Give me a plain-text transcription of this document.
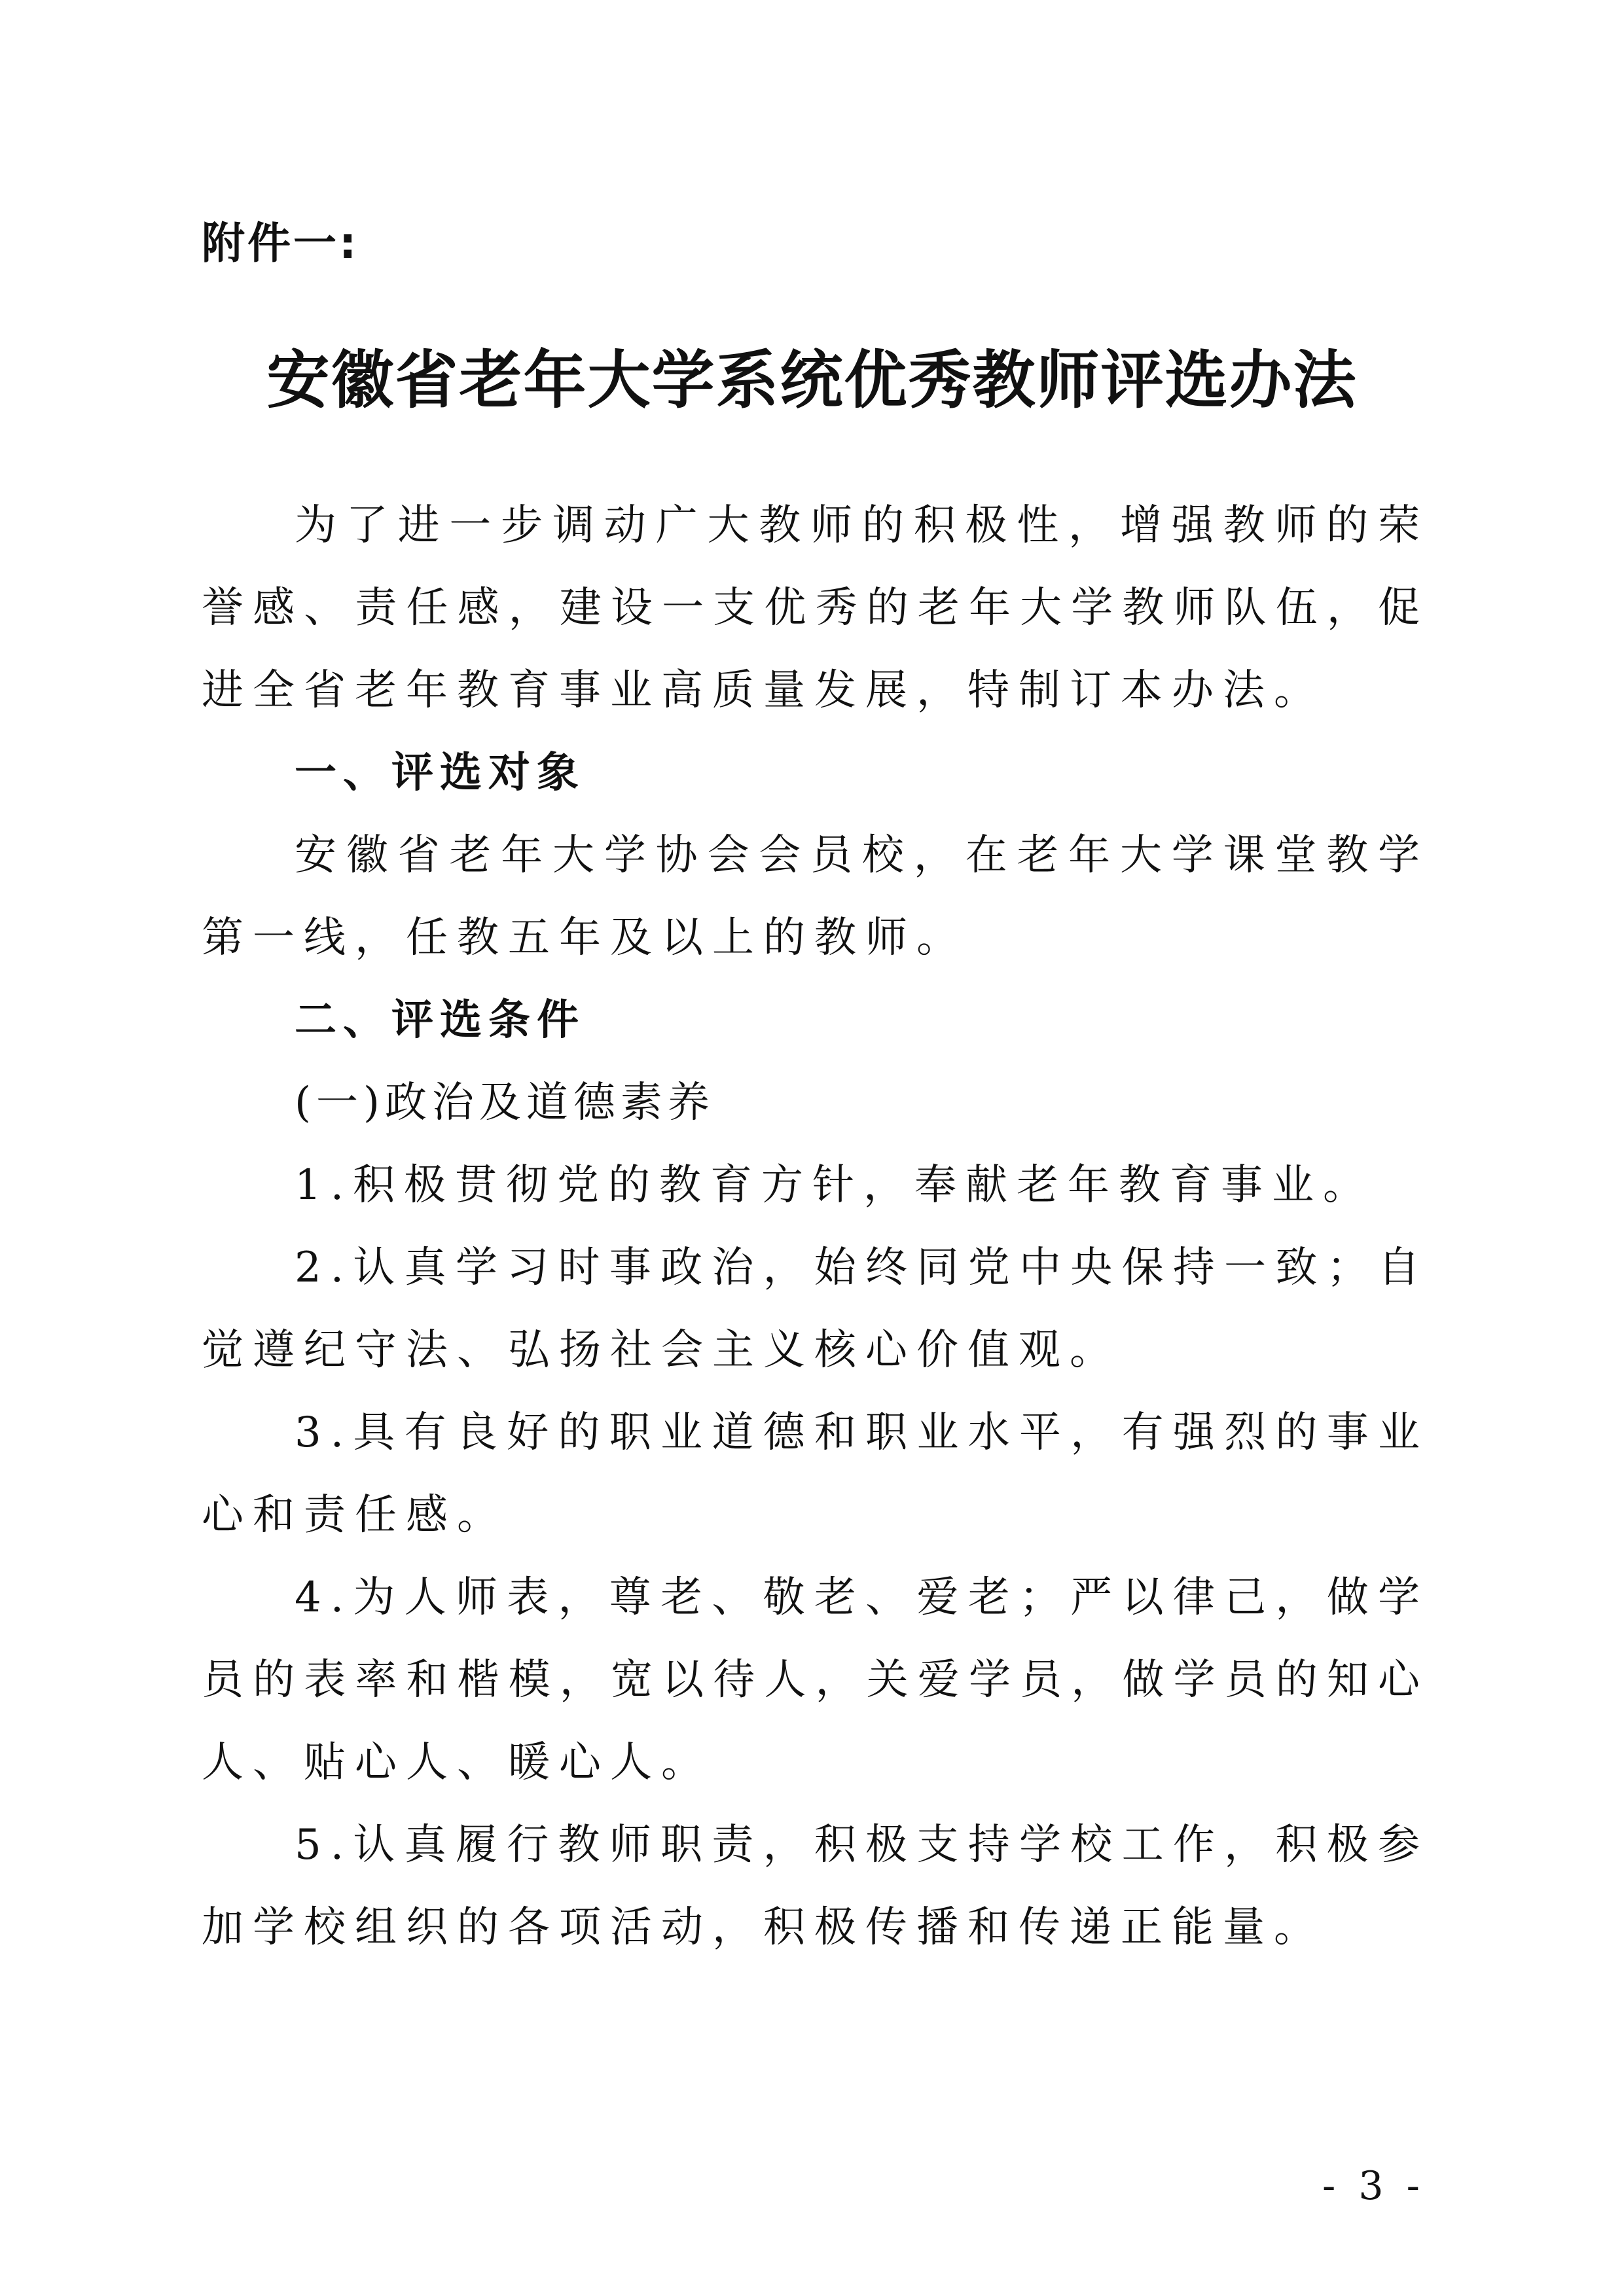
附件一:
安徽省老年大学系统优秀教师评选办法

为了进一步调动广大教师的积极性，增强教师的荣誉感、责任感，建设一支优秀的老年大学教师队伍，促进全省老年教育事业高质量发展，特制订本办法。

一、评选对象

安徽省老年大学协会会员校，在老年大学课堂教学第一线，任教五年及以上的教师。

二、评选条件

(一)政治及道德素养

1.积极贯彻党的教育方针，奉献老年教育事业。

2.认真学习时事政治，始终同党中央保持一致；自觉遵纪守法、弘扬社会主义核心价值观。

3.具有良好的职业道德和职业水平，有强烈的事业心和责任感。

4.为人师表，尊老、敬老、爱老；严以律己，做学员的表率和楷模，宽以待人，关爱学员，做学员的知心人、贴心人、暖心人。

5.认真履行教师职责，积极支持学校工作，积极参加学校组织的各项活动，积极传播和传递正能量。

- 3 -
